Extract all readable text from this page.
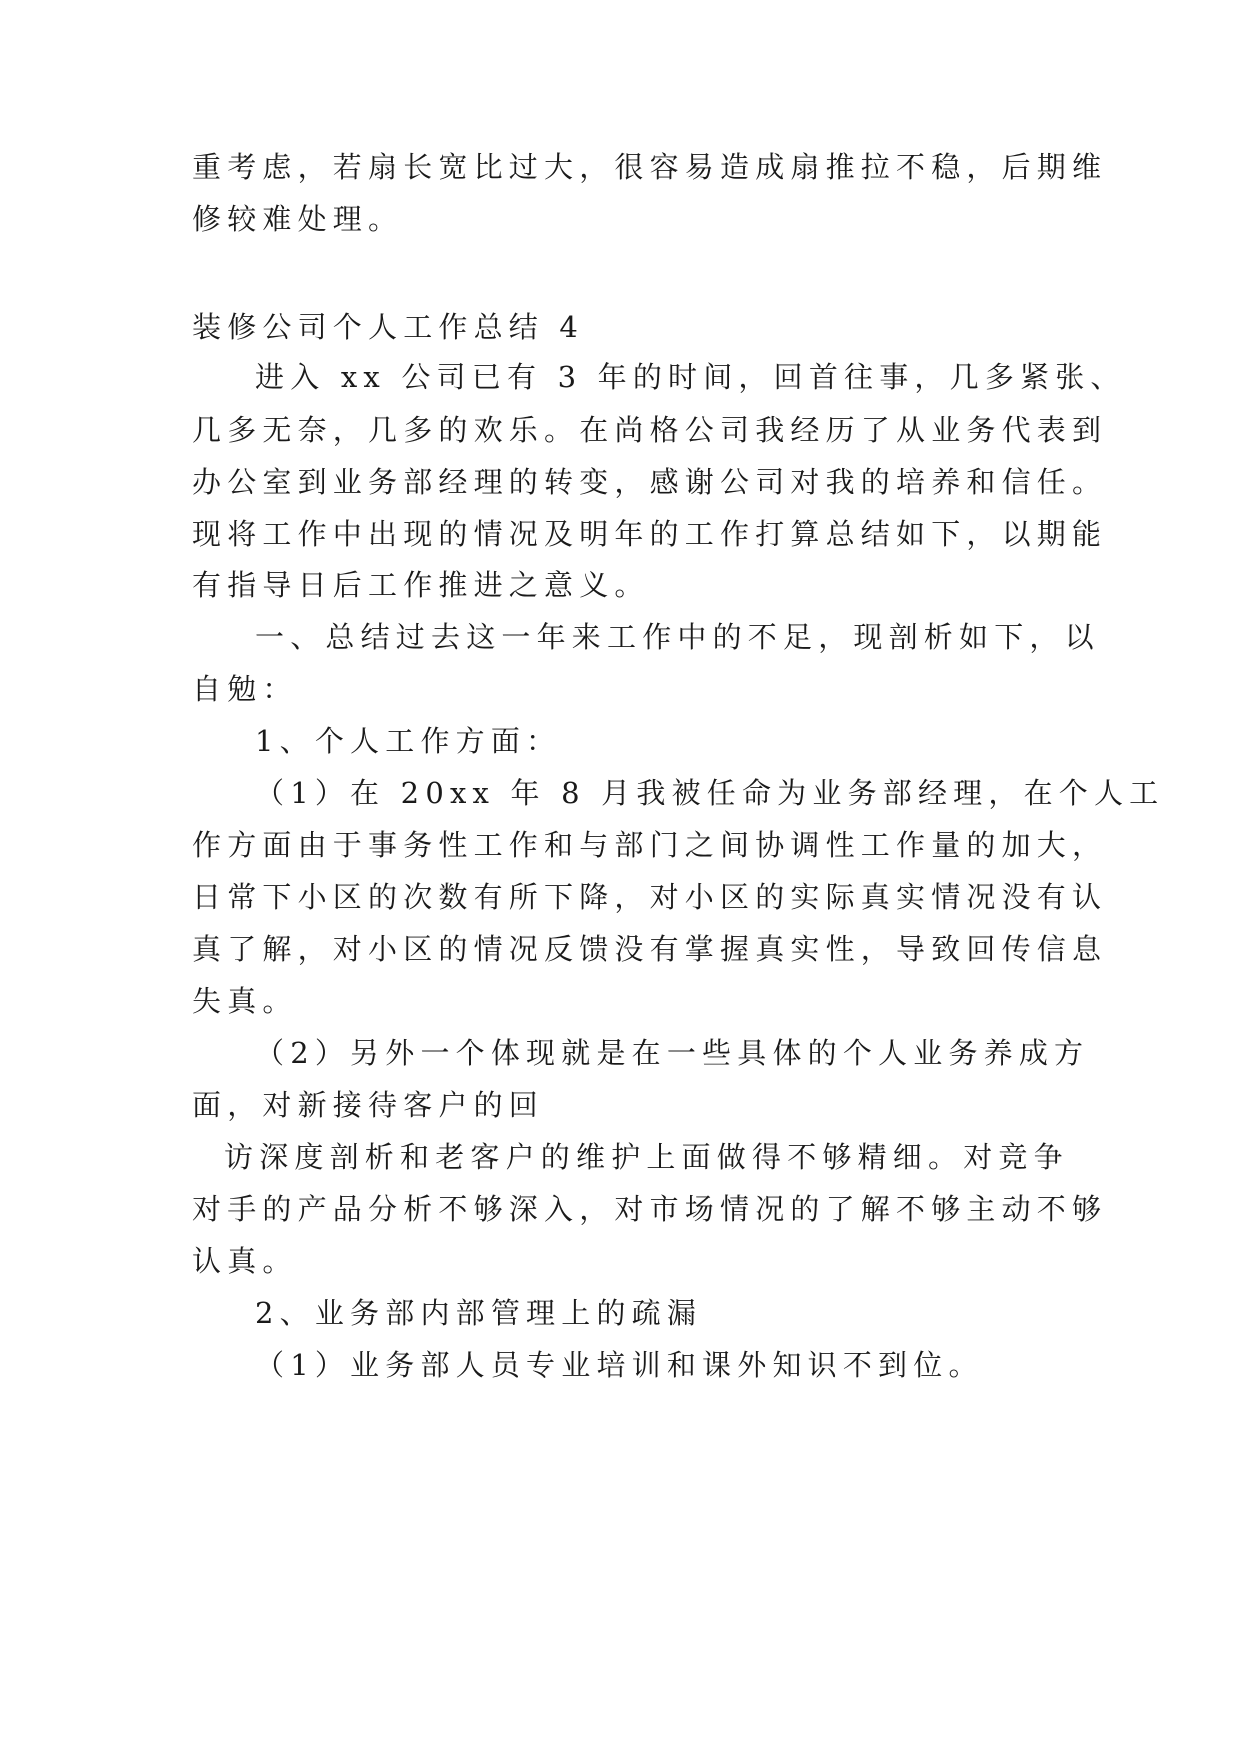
重考虑，若扇长宽比过大，很容易造成扇推拉不稳，后期维
修较难处理。
装修公司个人工作总结 4
进入 xx 公司已有 3 年的时间，回首往事，几多紧张、
几多无奈，几多的欢乐。在尚格公司我经历了从业务代表到
办公室到业务部经理的转变，感谢公司对我的培养和信任。
现将工作中出现的情况及明年的工作打算总结如下，以期能
有指导日后工作推进之意义。
一、总结过去这一年来工作中的不足，现剖析如下，以
自勉：
1、个人工作方面：
（1）在 20xx 年 8 月我被任命为业务部经理，在个人工
作方面由于事务性工作和与部门之间协调性工作量的加大，
日常下小区的次数有所下降，对小区的实际真实情况没有认
真了解，对小区的情况反馈没有掌握真实性，导致回传信息
失真。
（2）另外一个体现就是在一些具体的个人业务养成方
面，对新接待客户的回
访深度剖析和老客户的维护上面做得不够精细。对竞争
对手的产品分析不够深入，对市场情况的了解不够主动不够
认真。
2、业务部内部管理上的疏漏
（1）业务部人员专业培训和课外知识不到位。
